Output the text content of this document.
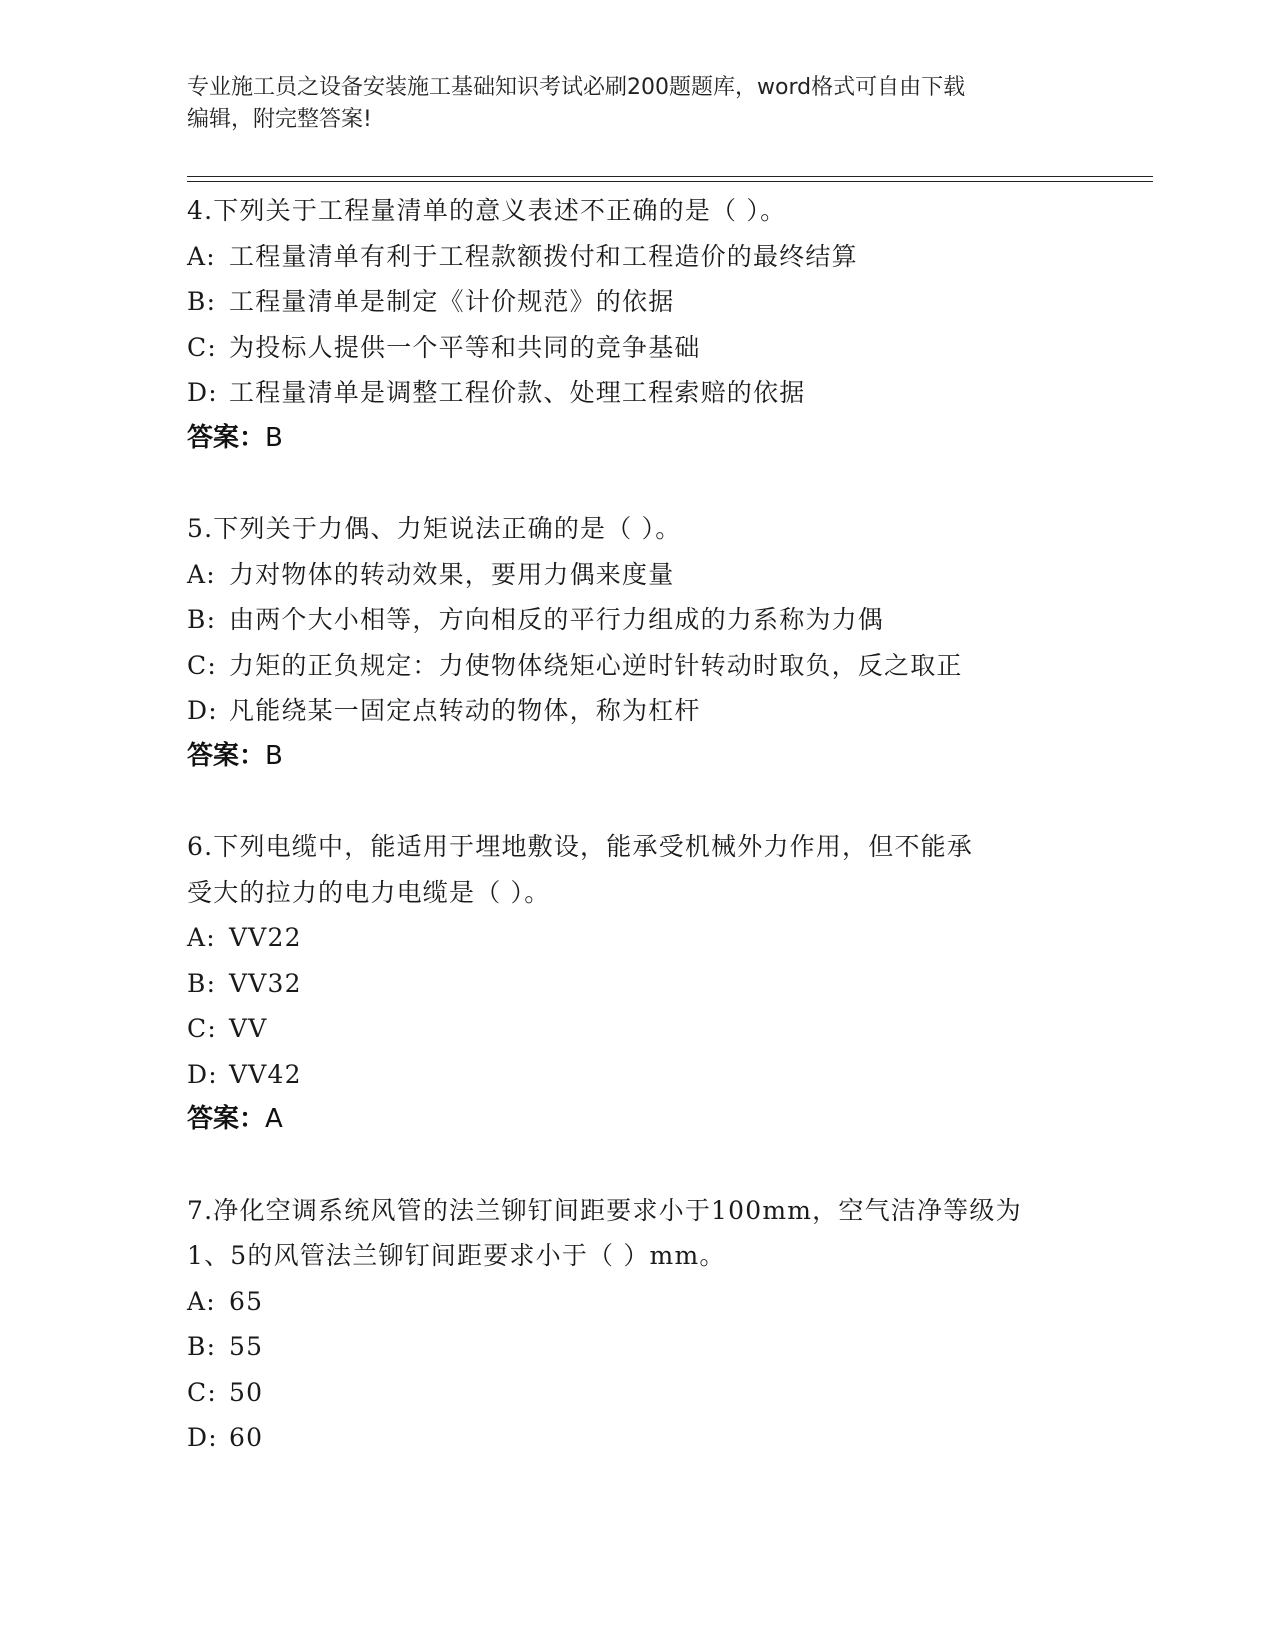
专业施工员之设备安装施工基础知识考试必刷200题题库，word格式可自由下载
编辑，附完整答案!
4.下列关于工程量清单的意义表述不正确的是（ ）。
A: 工程量清单有利于工程款额拨付和工程造价的最终结算
B: 工程量清单是制定《计价规范》的依据
C: 为投标人提供一个平等和共同的竞争基础
D: 工程量清单是调整工程价款、处理工程索赔的依据
答案：B
5.下列关于力偶、力矩说法正确的是（ ）。
A: 力对物体的转动效果，要用力偶来度量
B: 由两个大小相等，方向相反的平行力组成的力系称为力偶
C: 力矩的正负规定：力使物体绕矩心逆时针转动时取负，反之取正
D: 凡能绕某一固定点转动的物体，称为杠杆
答案：B
6.下列电缆中，能适用于埋地敷设，能承受机械外力作用，但不能承
受大的拉力的电力电缆是（ ）。
A: VV22
B: VV32
C: VV
D: VV42
答案：A
7.净化空调系统风管的法兰铆钉间距要求小于100mm，空气洁净等级为
1、5的风管法兰铆钉间距要求小于（ ）mm。
A: 65
B: 55
C: 50
D: 60
